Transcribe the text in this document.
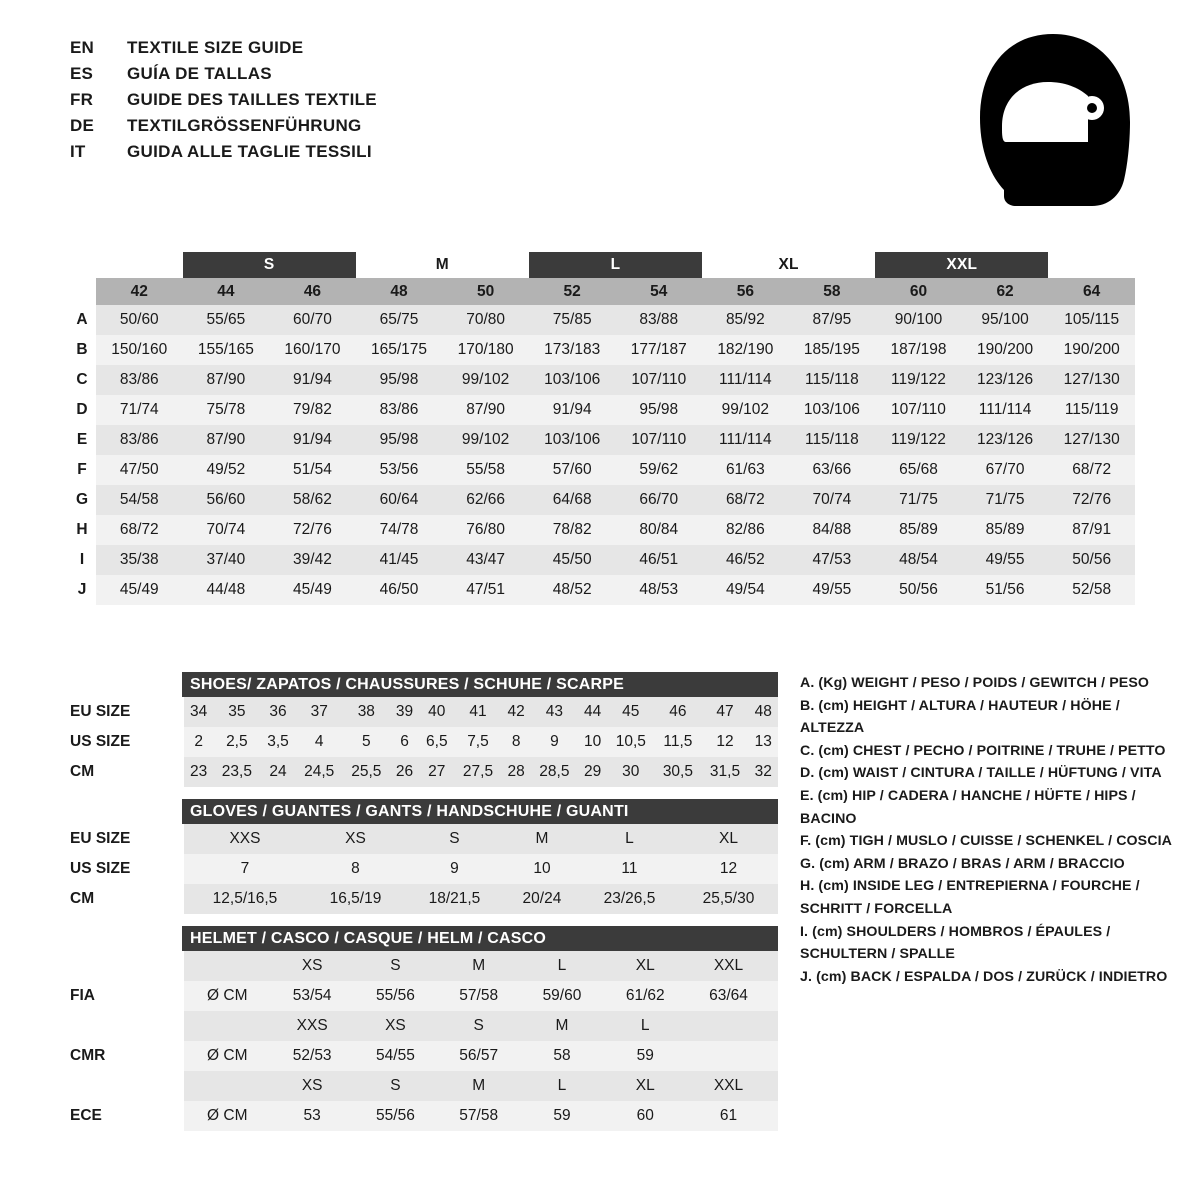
EN	TEXTILE SIZE GUIDE
ES	GUÍA DE TALLAS
FR	GUIDE DES TAILLES TEXTILE
DE	TEXTILGRÖSSENFÜHRUNG
IT	GUIDA ALLE TAGLIE TESSILI
		S		M		L		XL		XXL		
	42	44	46	48	50	52	54	56	58	60	62	64
A	50/60	55/65	60/70	65/75	70/80	75/85	83/88	85/92	87/95	90/100	95/100	105/115
B	150/160	155/165	160/170	165/175	170/180	173/183	177/187	182/190	185/195	187/198	190/200	190/200
C	83/86	87/90	91/94	95/98	99/102	103/106	107/110	111/114	115/118	119/122	123/126	127/130
D	71/74	75/78	79/82	83/86	87/90	91/94	95/98	99/102	103/106	107/110	111/114	115/119
E	83/86	87/90	91/94	95/98	99/102	103/106	107/110	111/114	115/118	119/122	123/126	127/130
F	47/50	49/52	51/54	53/56	55/58	57/60	59/62	61/63	63/66	65/68	67/70	68/72
G	54/58	56/60	58/62	60/64	62/66	64/68	66/70	68/72	70/74	71/75	71/75	72/76
H	68/72	70/74	72/76	74/78	76/80	78/82	80/84	82/86	84/88	85/89	85/89	87/91
I	35/38	37/40	39/42	41/45	43/47	45/50	46/51	46/52	47/53	48/54	49/55	50/56
J	45/49	44/48	45/49	46/50	47/51	48/52	48/53	49/54	49/55	50/56	51/56	52/58
SHOES/ ZAPATOS / CHAUSSURES / SCHUHE / SCARPE
EU SIZE	34	35	36	37	38	39	40	41	42	43	44	45	46	47	48
US SIZE	2	2,5	3,5	4	5	6	6,5	7,5	8	9	10	10,5	11,5	12	13
CM	23	23,5	24	24,5	25,5	26	27	27,5	28	28,5	29	30	30,5	31,5	32
GLOVES / GUANTES / GANTS / HANDSCHUHE / GUANTI
EU SIZE	XXS	XS	S	M	L	XL
US SIZE	7	8	9	10	11	12
CM	12,5/16,5	16,5/19	18/21,5	20/24	23/26,5	25,5/30
HELMET / CASCO / CASQUE / HELM / CASCO
		XS	S	M	L	XL	XXL	
FIA	Ø CM	53/54	55/56	57/58	59/60	61/62	63/64	
		XXS	XS	S	M	L		
CMR	Ø CM	52/53	54/55	56/57	58	59		
		XS	S	M	L	XL	XXL	
ECE	Ø CM	53	55/56	57/58	59	60	61	
A. (Kg) WEIGHT / PESO / POIDS / GEWITCH / PESO
B. (cm) HEIGHT / ALTURA / HAUTEUR / HÖHE / ALTEZZA
C. (cm) CHEST / PECHO / POITRINE / TRUHE / PETTO
D. (cm) WAIST / CINTURA / TAILLE / HÜFTUNG / VITA
E. (cm) HIP / CADERA / HANCHE / HÜFTE / HIPS / BACINO
F. (cm) TIGH / MUSLO / CUISSE / SCHENKEL / COSCIA
G. (cm) ARM / BRAZO / BRAS / ARM / BRACCIO
H. (cm) INSIDE LEG / ENTREPIERNA / FOURCHE / SCHRITT / FORCELLA
I. (cm) SHOULDERS / HOMBROS / ÉPAULES / SCHULTERN / SPALLE
J. (cm) BACK / ESPALDA / DOS / ZURÜCK / INDIETRO
